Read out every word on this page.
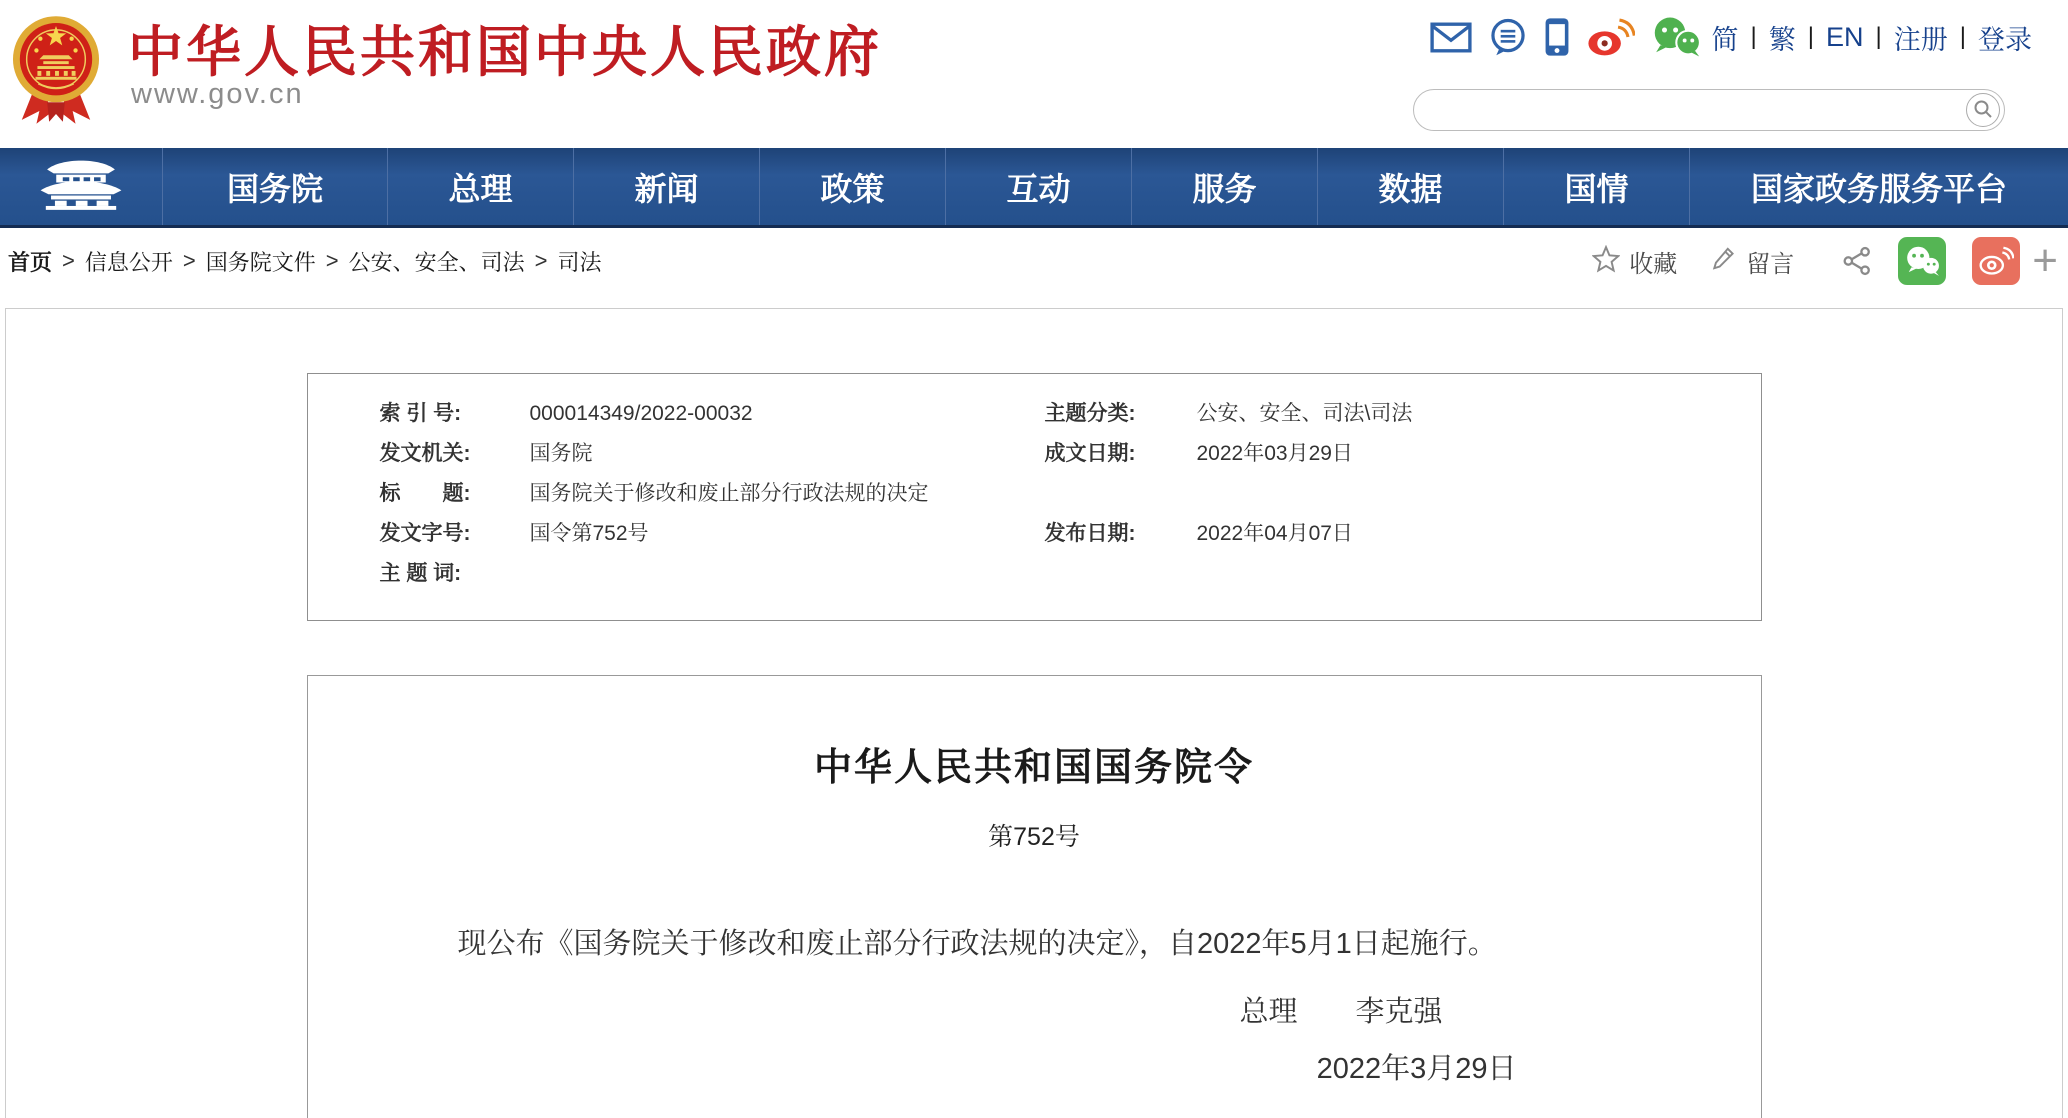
中华人民共和国中央人民政府
www.gov.cn
简 | 繁 | EN | 注册 | 登录
国务院	总理	新闻	政策	互动	服务	数据	国情	国家政务服务平台
首页 > 信息公开 > 国务院文件 > 公安、安全、司法 > 司法	收藏	留言	+
索 引 号:	000014349/2022-00032	主题分类:	公安、安全、司法\司法
发文机关:	国务院	成文日期:	2022年03月29日
标　　题:	国务院关于修改和废止部分行政法规的决定
发文字号:	国令第752号	发布日期:	2022年04月07日
主 题 词:
中华人民共和国国务院令
第752号

现公布《国务院关于修改和废止部分行政法规的决定》，自2022年5月1日起施行。

总理 李克强
2022年3月29日
